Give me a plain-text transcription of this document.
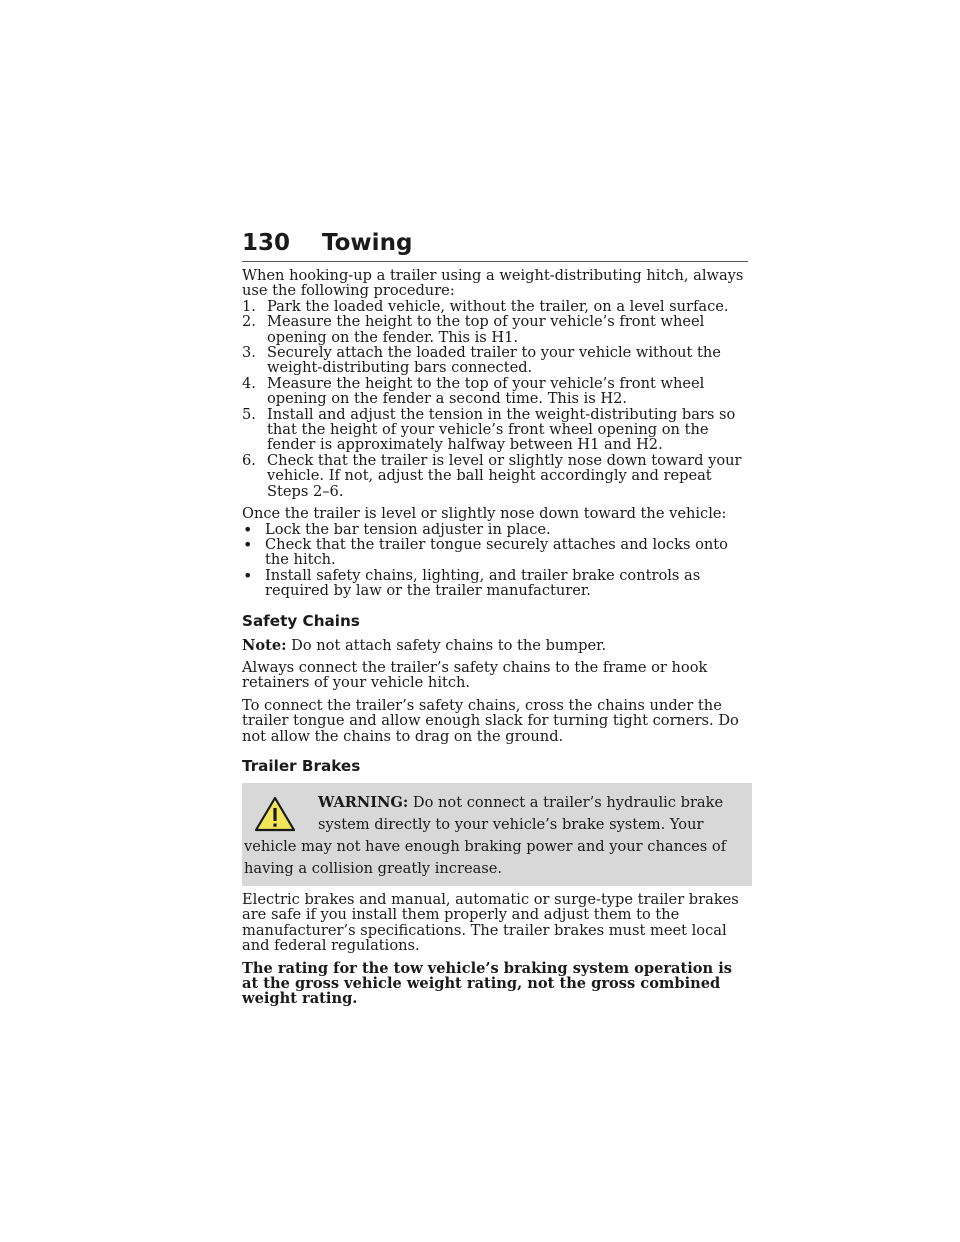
130 Towing

When hooking-up a trailer using a weight-distributing hitch, always use the following procedure:

1. Park the loaded vehicle, without the trailer, on a level surface.
2. Measure the height to the top of your vehicle’s front wheel opening on the fender. This is H1.
3. Securely attach the loaded trailer to your vehicle without the weight-distributing bars connected.
4. Measure the height to the top of your vehicle’s front wheel opening on the fender a second time. This is H2.
5. Install and adjust the tension in the weight-distributing bars so that the height of your vehicle’s front wheel opening on the fender is approximately halfway between H1 and H2.
6. Check that the trailer is level or slightly nose down toward your vehicle. If not, adjust the ball height accordingly and repeat Steps 2–6.

Once the trailer is level or slightly nose down toward the vehicle:

• Lock the bar tension adjuster in place.
• Check that the trailer tongue securely attaches and locks onto the hitch.
• Install safety chains, lighting, and trailer brake controls as required by law or the trailer manufacturer.
Safety Chains

Note: Do not attach safety chains to the bumper.

Always connect the trailer’s safety chains to the frame or hook retainers of your vehicle hitch.

To connect the trailer’s safety chains, cross the chains under the trailer tongue and allow enough slack for turning tight corners. Do not allow the chains to drag on the ground.

Trailer Brakes
WARNING: Do not connect a trailer’s hydraulic brake system directly to your vehicle’s brake system. Your vehicle may not have enough braking power and your chances of having a collision greatly increase.

Electric brakes and manual, automatic or surge-type trailer brakes are safe if you install them properly and adjust them to the manufacturer’s specifications. The trailer brakes must meet local and federal regulations.

The rating for the tow vehicle’s braking system operation is at the gross vehicle weight rating, not the gross combined weight rating.
